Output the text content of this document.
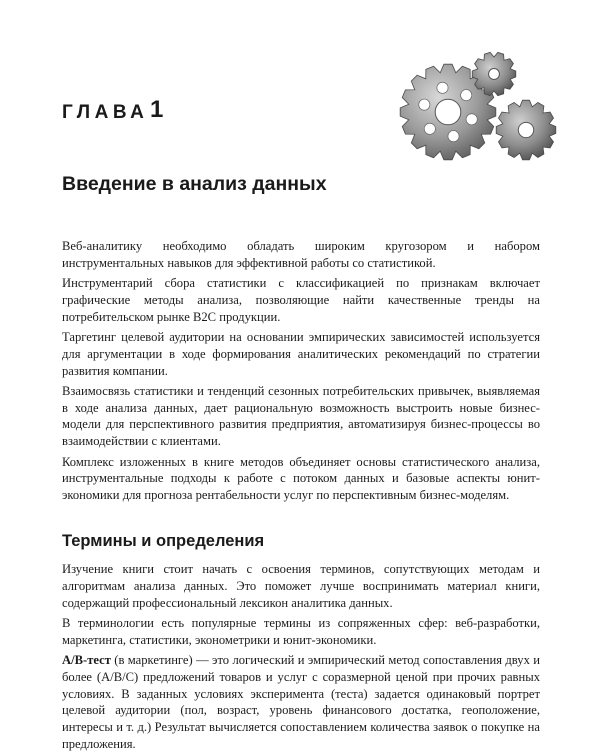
ГЛАВА 1
Введение в анализ данных

Веб-аналитику необходимо обладать широким кругозором и набором инструментальных навыков для эффективной работы со статистикой.

Инструментарий сбора статистики с классификацией по признакам включает графические методы анализа, позволяющие найти качественные тренды на потребительском рынке B2C продукции.

Таргетинг целевой аудитории на основании эмпирических зависимостей используется для аргументации в ходе формирования аналитических рекомендаций по стратегии развития компании.

Взаимосвязь статистики и тенденций сезонных потребительских привычек, выявляемая в ходе анализа данных, дает рациональную возможность выстроить новые бизнес-модели для перспективного развития предприятия, автоматизируя бизнес-процессы во взаимодействии с клиентами.

Комплекс изложенных в книге методов объединяет основы статистического анализа, инструментальные подходы к работе с потоком данных и базовые аспекты юнит-экономики для прогноза рентабельности услуг по перспективным бизнес-моделям.

Термины и определения

Изучение книги стоит начать с освоения терминов, сопутствующих методам и алгоритмам анализа данных. Это поможет лучше воспринимать материал книги, содержащий профессиональный лексикон аналитика данных.

В терминологии есть популярные термины из сопряженных сфер: веб-разработки, маркетинга, статистики, эконометрики и юнит-экономики.

A/B-тест (в маркетинге) — это логический и эмпирический метод сопоставления двух и более (A/B/C) предложений товаров и услуг с соразмерной ценой при прочих равных условиях. В заданных условиях эксперимента (теста) задается одинаковый портрет целевой аудитории (пол, возраст, уровень финансового достатка, геоположение, интересы и т. д.) Результат вычисляется сопоставлением количества заявок о покупке на предложения.
